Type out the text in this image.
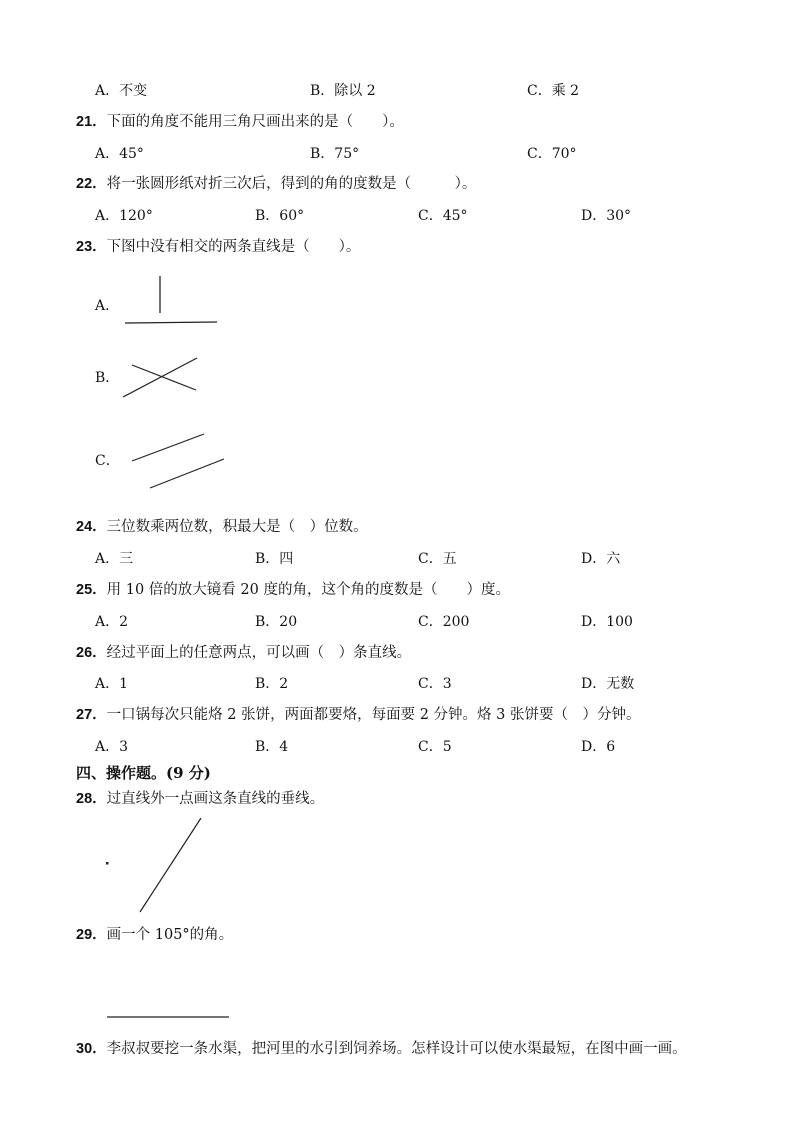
A．不变	B．除以 2	C．乘 2
21．下面的角度不能用三角尺画出来的是（　　）。
A．45°	B．75°	C．70°
22．将一张圆形纸对折三次后，得到的角的度数是（　　　）。
A．120°	B．60°	C．45°	D．30°
23．下图中没有相交的两条直线是（　　）。
A．
B．
C．
24．三位数乘两位数，积最大是（　）位数。
A．三	B．四	C．五	D．六
25．用 10 倍的放大镜看 20 度的角，这个角的度数是（　　）度。
A．2	B．20	C．200	D．100
26．经过平面上的任意两点，可以画（　）条直线。
A．1	B．2	C．3	D．无数
27．一口锅每次只能烙 2 张饼，两面都要烙，每面要 2 分钟。烙 3 张饼要（　）分钟。
A．3	B．4	C．5	D．6
四、操作题。(9 分)
28．过直线外一点画这条直线的垂线。
29．画一个 105°的角。
30．李叔叔要挖一条水渠，把河里的水引到饲养场。怎样设计可以使水渠最短，在图中画一画。
